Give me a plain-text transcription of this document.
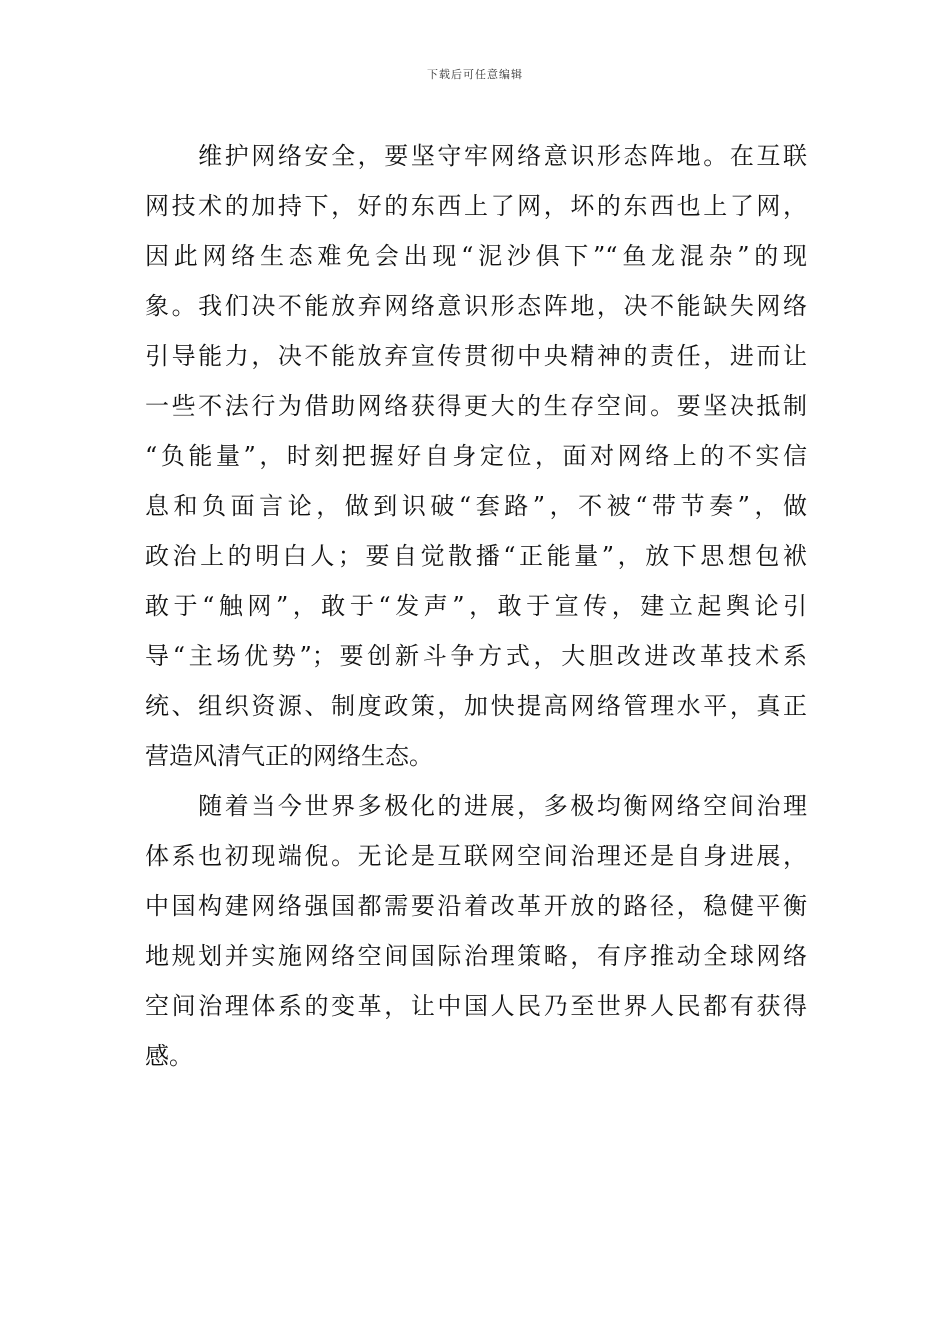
下载后可任意编辑
　　维护网络安全，要坚守牢网络意识形态阵地。在互联
网技术的加持下，好的东西上了网，坏的东西也上了网，
因此网络生态难免会出现“泥沙俱下”“鱼龙混杂”的现
象。我们决不能放弃网络意识形态阵地，决不能缺失网络
引导能力，决不能放弃宣传贯彻中央精神的责任，进而让
一些不法行为借助网络获得更大的生存空间。要坚决抵制
“负能量”，时刻把握好自身定位，面对网络上的不实信
息和负面言论，做到识破“套路”，不被“带节奏”，做
政治上的明白人；要自觉散播“正能量”，放下思想包袱
敢于“触网”，敢于“发声”，敢于宣传，建立起舆论引
导“主场优势”；要创新斗争方式，大胆改进改革技术系
统、组织资源、制度政策，加快提高网络管理水平，真正
营造风清气正的网络生态。
　　随着当今世界多极化的进展，多极均衡网络空间治理
体系也初现端倪。无论是互联网空间治理还是自身进展，
中国构建网络强国都需要沿着改革开放的路径，稳健平衡
地规划并实施网络空间国际治理策略，有序推动全球网络
空间治理体系的变革，让中国人民乃至世界人民都有获得
感。
